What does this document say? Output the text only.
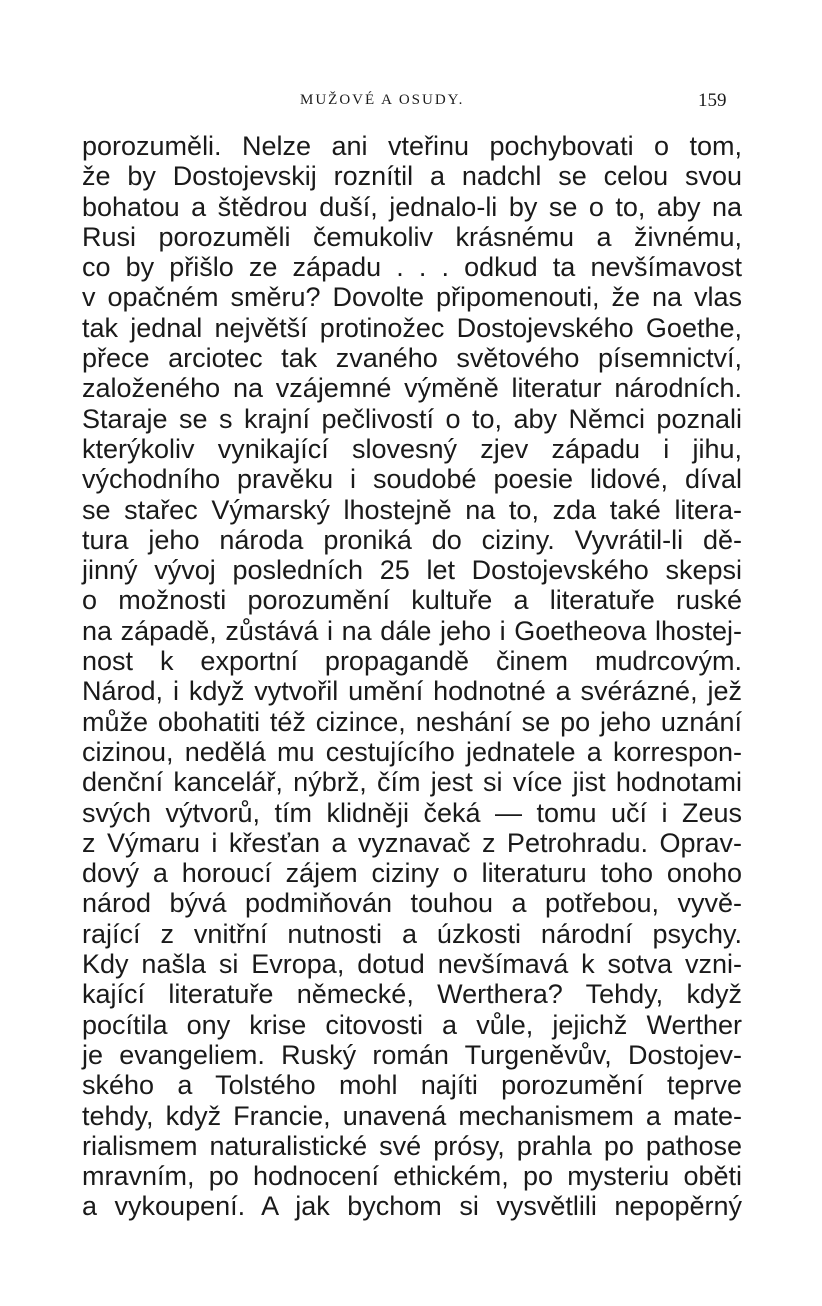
MUŽOVÉ A OSUDY.	159
porozuměli. Nelze ani vteřinu pochybovati o tom,
že by Dostojevskij roznítil a nadchl se celou svou
bohatou a štědrou duší, jednalo-li by se o to, aby na
Rusi porozuměli čemukoliv krásnému a živnému,
co by přišlo ze západu . . . odkud ta nevšímavost
v opačném směru? Dovolte připomenouti, že na vlas
tak jednal největší protinožec Dostojevského Goethe,
přece arciotec tak zvaného světového písemnictví,
založeného na vzájemné výměně literatur národních.
Staraje se s krajní pečlivostí o to, aby Němci poznali
kterýkoliv vynikající slovesný zjev západu i jihu,
východního pravěku i soudobé poesie lidové, díval
se stařec Výmarský lhostejně na to, zda také litera-
tura jeho národa proniká do ciziny. Vyvrátil-li dě-
jinný vývoj posledních 25 let Dostojevského skepsi
o možnosti porozumění kultuře a literatuře ruské
na západě, zůstává i na dále jeho i Goetheova lhostej-
nost k exportní propagandě činem mudrcovým.
Národ, i když vytvořil umění hodnotné a svérázné, jež
může obohatiti též cizince, neshání se po jeho uznání
cizinou, nedělá mu cestujícího jednatele a korrespon-
denční kancelář, nýbrž, čím jest si více jist hodnotami
svých výtvorů, tím klidněji čeká — tomu učí i Zeus
z Výmaru i křesťan a vyznavač z Petrohradu. Oprav-
dový a horoucí zájem ciziny o literaturu toho onoho
národ bývá podmiňován touhou a potřebou, vyvě-
rající z vnitřní nutnosti a úzkosti národní psychy.
Kdy našla si Evropa, dotud nevšímavá k sotva vzni-
kající literatuře německé, Werthera? Tehdy, když
pocítila ony krise citovosti a vůle, jejichž Werther
je evangeliem. Ruský román Turgeněvův, Dostojev-
ského a Tolstého mohl najíti porozumění teprve
tehdy, když Francie, unavená mechanismem a mate-
rialismem naturalistické své prósy, prahla po pathose
mravním, po hodnocení ethickém, po mysteriu oběti
a vykoupení. A jak bychom si vysvětlili nepopěrný
